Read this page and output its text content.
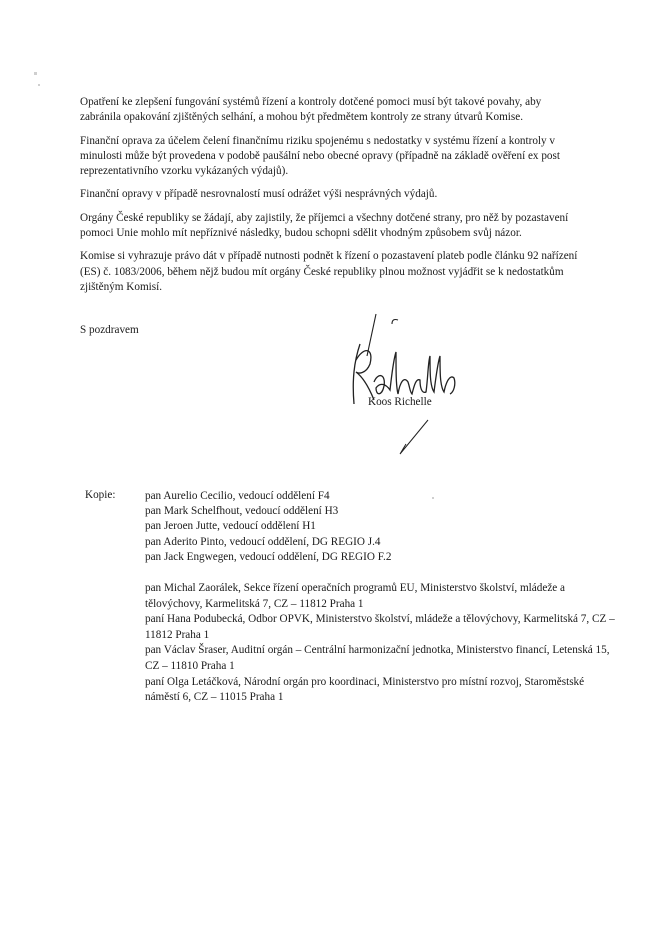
Opatření ke zlepšení fungování systémů řízení a kontroly dotčené pomoci musí být takové povahy, aby zabránila opakování zjištěných selhání, a mohou být předmětem kontroly ze strany útvarů Komise.

Finanční oprava za účelem čelení finančnímu riziku spojenému s nedostatky v systému řízení a kontroly v minulosti může být provedena v podobě paušální nebo obecné opravy (případně na základě ověření ex post reprezentativního vzorku vykázaných výdajů).

Finanční opravy v případě nesrovnalostí musí odrážet výši nesprávných výdajů.

Orgány České republiky se žádají, aby zajistily, že příjemci a všechny dotčené strany, pro něž by pozastavení pomoci Unie mohlo mít nepříznivé následky, budou schopni sdělit vhodným způsobem svůj názor.

Komise si vyhrazuje právo dát v případě nutnosti podnět k řízení o pozastavení plateb podle článku 92 nařízení (ES) č. 1083/2006, během nějž budou mít orgány České republiky plnou možnost vyjádřit se k nedostatkům zjištěným Komisí.

S pozdravem
Koos Richelle
Kopie:	pan Aurelio Cecilio, vedoucí oddělení F4
pan Mark Schelfhout, vedoucí oddělení H3
pan Jeroen Jutte, vedoucí oddělení H1
pan Aderito Pinto, vedoucí oddělení, DG REGIO J.4
pan Jack Engwegen, vedoucí oddělení, DG REGIO F.2

pan Michal Zaorálek, Sekce řízení operačních programů EU, Ministerstvo školství, mládeže a tělovýchovy, Karmelitská 7, CZ – 11812 Praha 1

paní Hana Podubecká, Odbor OPVK, Ministerstvo školství, mládeže a tělovýchovy, Karmelitská 7, CZ – 11812 Praha 1

pan Václav Šraser, Auditní orgán – Centrální harmonizační jednotka, Ministerstvo financí, Letenská 15, CZ – 11810 Praha 1

paní Olga Letáčková, Národní orgán pro koordinaci, Ministerstvo pro místní rozvoj, Staroměstské náměstí 6, CZ – 11015 Praha 1
